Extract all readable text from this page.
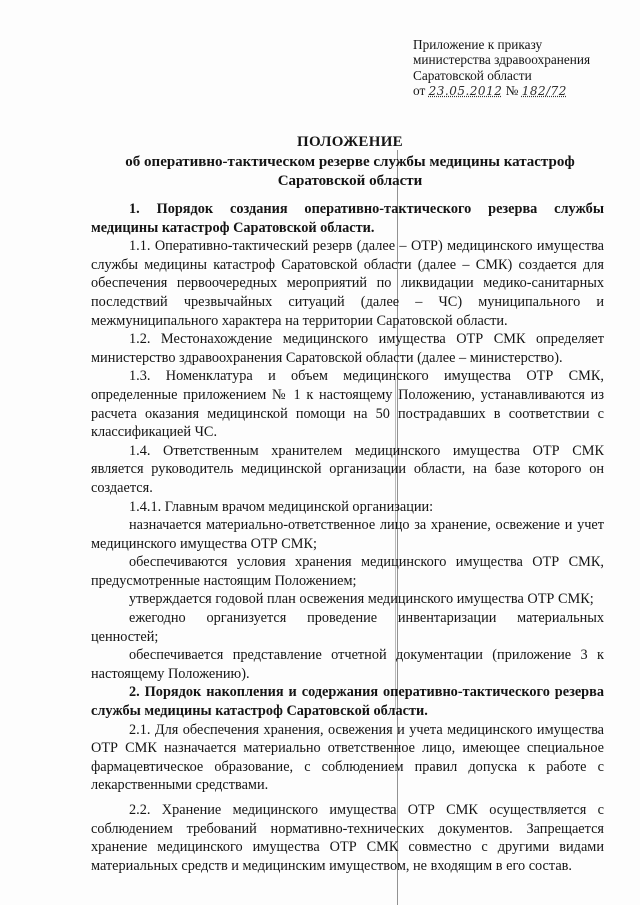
Приложение к приказу
министерства здравоохранения
Саратовской области
от 23.05.2012 № 182/72
ПОЛОЖЕНИЕ
об оперативно-тактическом резерве службы медицины катастроф
Саратовской области

1. Порядок создания оперативно-тактического резерва службы медицины катастроф Саратовской области.

1.1. Оперативно-тактический резерв (далее – ОТР) медицинского имущества службы медицины катастроф Саратовской области (далее – СМК) создается для обеспечения первоочередных мероприятий по ликвидации медико-санитарных последствий чрезвычайных ситуаций (далее – ЧС) муниципального и межмуниципального характера на территории Саратовской области.

1.2. Местонахождение медицинского имущества ОТР СМК определяет министерство здравоохранения Саратовской области (далее – министерство).

1.3. Номенклатура и объем медицинского имущества ОТР СМК, определенные приложением № 1 к настоящему Положению, устанавливаются из расчета оказания медицинской помощи на 50 пострадавших в соответствии с классификацией ЧС.

1.4. Ответственным хранителем медицинского имущества ОТР СМК является руководитель медицинской организации области, на базе которого он создается.

1.4.1. Главным врачом медицинской организации:

назначается материально-ответственное лицо за хранение, освежение и учет медицинского имущества ОТР СМК;

обеспечиваются условия хранения медицинского имущества ОТР СМК, предусмотренные настоящим Положением;

утверждается годовой план освежения медицинского имущества ОТР СМК;

ежегодно организуется проведение инвентаризации материальных ценностей;

обеспечивается представление отчетной документации (приложение 3 к настоящему Положению).

2. Порядок накопления и содержания оперативно-тактического резерва службы медицины катастроф Саратовской области.

2.1. Для обеспечения хранения, освежения и учета медицинского имущества ОТР СМК назначается материально ответственное лицо, имеющее специальное фармацевтическое образование, с соблюдением правил допуска к работе с лекарственными средствами.

2.2. Хранение медицинского имущества ОТР СМК осуществляется с соблюдением требований нормативно-технических документов. Запрещается хранение медицинского имущества ОТР СМК совместно с другими видами материальных средств и медицинским имуществом, не входящим в его состав.
